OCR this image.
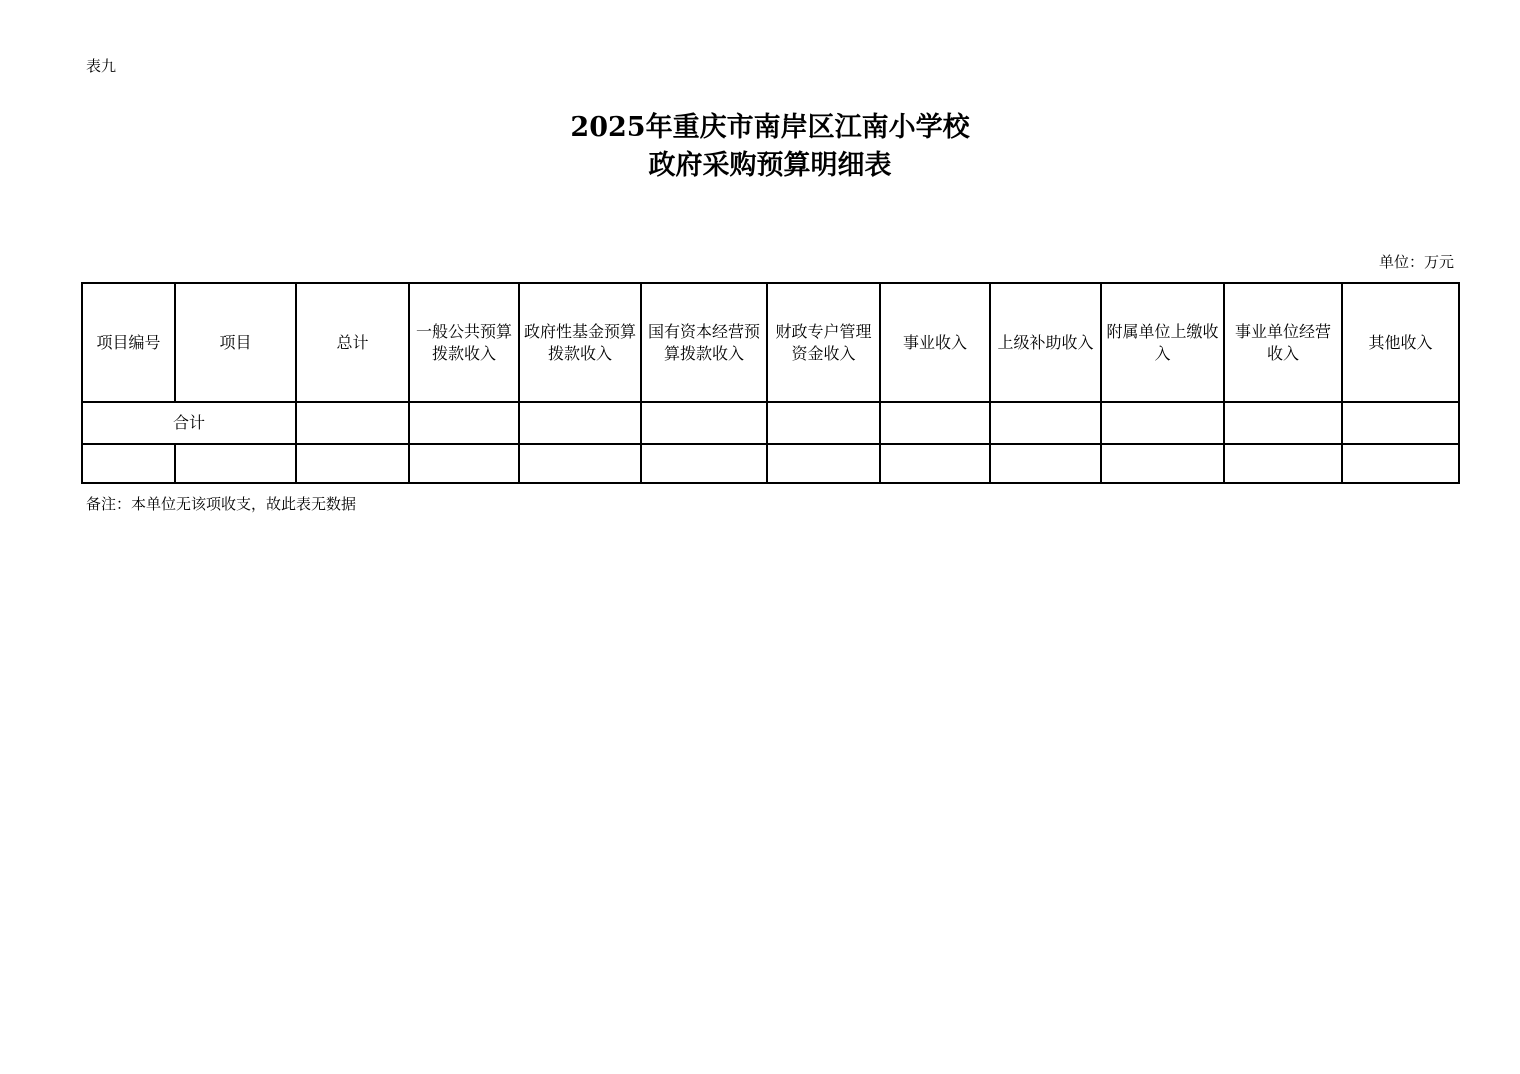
表九
2025年重庆市南岸区江南小学校
政府采购预算明细表
单位：万元
项目编号	项目	总计	一般公共预算拨款收入	政府性基金预算拨款收入	国有资本经营预算拨款收入	财政专户管理资金收入	事业收入	上级补助收入	附属单位上缴收入	事业单位经营收入	其他收入
合计											

备注：本单位无该项收支，故此表无数据
